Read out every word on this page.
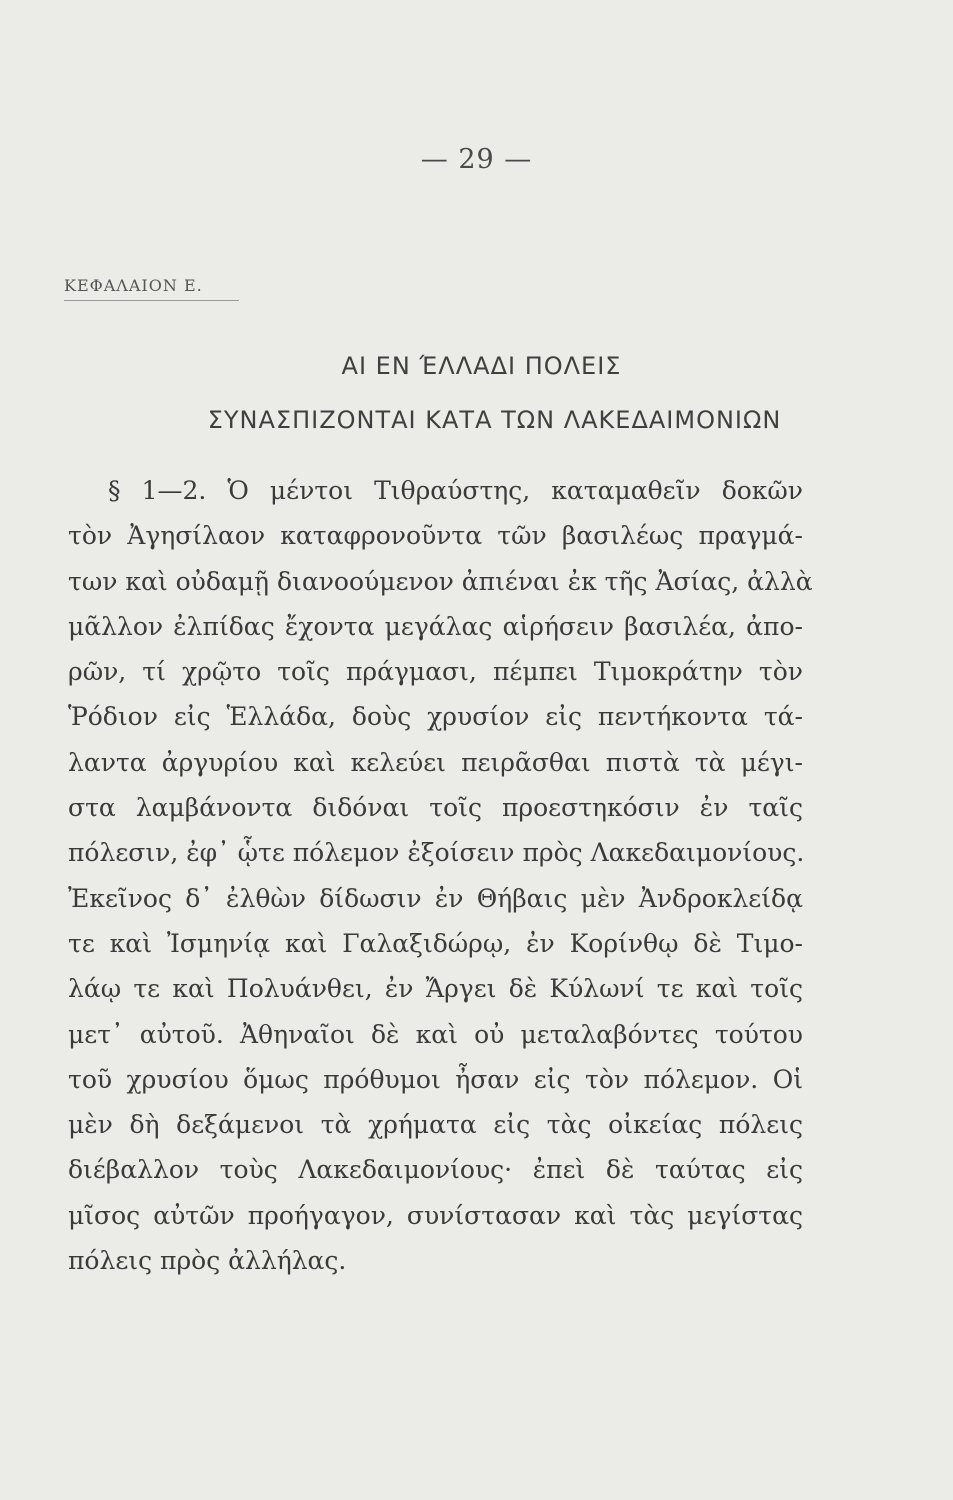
— 29 —
ΚΕΦΑΛΑΙΟΝ Ε.
ΑΙ ΕΝ ΈΛΛΑΔΙ ΠΟΛΕΙΣ
ΣΥΝΑΣΠΙΖΟΝΤΑΙ ΚΑΤΑ ΤΩΝ ΛΑΚΕΔΑΙΜΟΝΙΩΝ
§ 1—2. Ὁ μέντοι Τιθραύστης, καταμαθεῖν δοκῶν
τὸν Ἀγησίλαον καταφρονοῦντα τῶν βασιλέως πραγμά-
των καὶ οὐδαμῇ διανοούμενον ἀπιέναι ἐκ τῆς Ἀσίας, ἀλλὰ
μᾶλλον ἐλπίδας ἔχοντα μεγάλας αἱρήσειν βασιλέα, ἀπο-
ρῶν, τί χρῷτο τοῖς πράγμασι, πέμπει Τιμοκράτην τὸν
Ῥόδιον εἰς Ἑλλάδα, δοὺς χρυσίον εἰς πεντήκοντα τά-
λαντα ἀργυρίου καὶ κελεύει πειρᾶσθαι πιστὰ τὰ μέγι-
στα λαμβάνοντα διδόναι τοῖς προεστηκόσιν ἐν ταῖς
πόλεσιν, ἐφ᾽ ᾧτε πόλεμον ἐξοίσειν πρὸς Λακεδαιμονίους.
Ἐκεῖνος δ᾽ ἐλθὼν δίδωσιν ἐν Θήβαις μὲν Ἀνδροκλείδᾳ
τε καὶ Ἰσμηνίᾳ καὶ Γαλαξιδώρῳ, ἐν Κορίνθῳ δὲ Τιμο-
λάῳ τε καὶ Πολυάνθει, ἐν Ἄργει δὲ Κύλωνί τε καὶ τοῖς
μετ᾽ αὐτοῦ. Ἀθηναῖοι δὲ καὶ οὐ μεταλαβόντες τούτου
τοῦ χρυσίου ὅμως πρόθυμοι ἦσαν εἰς τὸν πόλεμον. Οἱ
μὲν δὴ δεξάμενοι τὰ χρήματα εἰς τὰς οἰκείας πόλεις
διέβαλλον τοὺς Λακεδαιμονίους· ἐπεὶ δὲ ταύτας εἰς
μῖσος αὐτῶν προήγαγον, συνίστασαν καὶ τὰς μεγίστας
πόλεις πρὸς ἀλλήλας.
